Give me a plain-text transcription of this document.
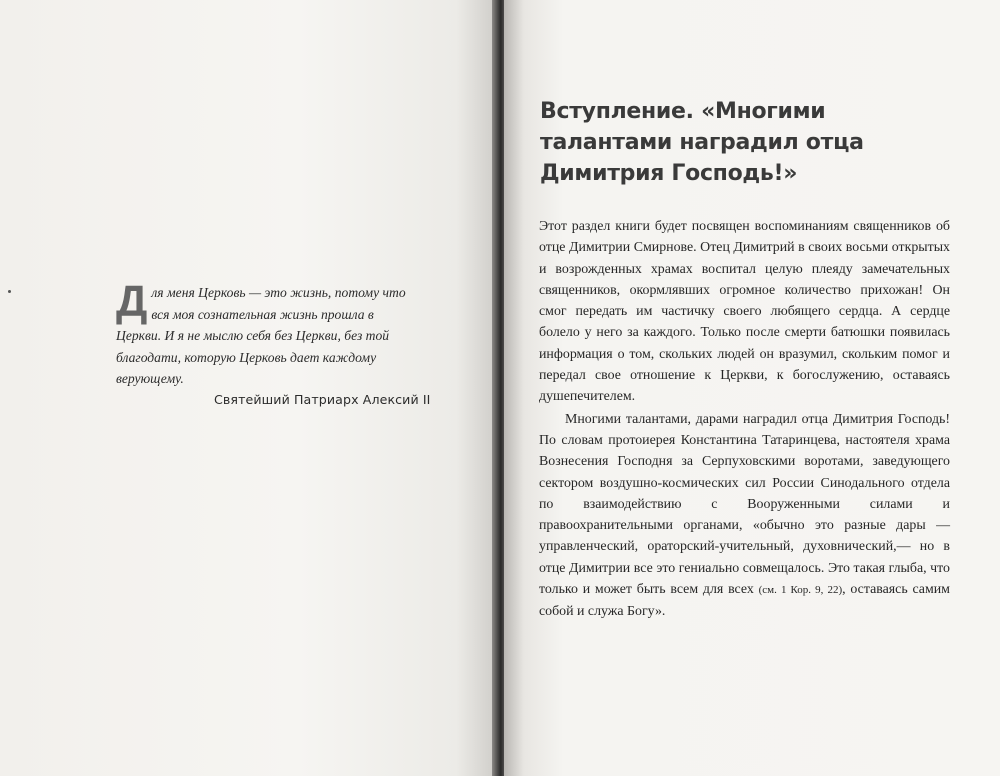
Для меня Церковь — это жизнь, потому что вся моя сознательная жизнь прошла в Церкви. И я не мыслю себя без Церкви, без той благодати, которую Церковь дает каждому верующему.
Святейший Патриарх Алексий II
Вступление. «Многими талантами наградил отца Димитрия Господь!»

Этот раздел книги будет посвящен воспоминаниям священников об отце Димитрии Смирнове. Отец Димитрий в своих восьми открытых и возрожденных храмах воспитал целую плеяду замечательных священников, окормлявших огромное количество прихожан! Он смог передать им частичку своего любящего сердца. А сердце болело у него за каждого. Только после смерти батюшки появилась информация о том, скольких людей он вразумил, скольким помог и передал свое отношение к Церкви, к богослужению, оставаясь душепечителем.

Многими талантами, дарами наградил отца Димитрия Господь! По словам протоиерея Константина Татаринцева, настоятеля храма Вознесения Господня за Серпуховскими воротами, заведующего сектором воздушно-космических сил России Синодального отдела по взаимодействию с Вооруженными силами и правоохранительными органами, «обычно это разные дары — управленческий, ораторский-учительный, духовнический,— но в отце Димитрии все это гениально совмещалось. Это такая глыба, что только и может быть всем для всех (см. 1 Кор. 9, 22), оставаясь самим собой и служа Богу».
